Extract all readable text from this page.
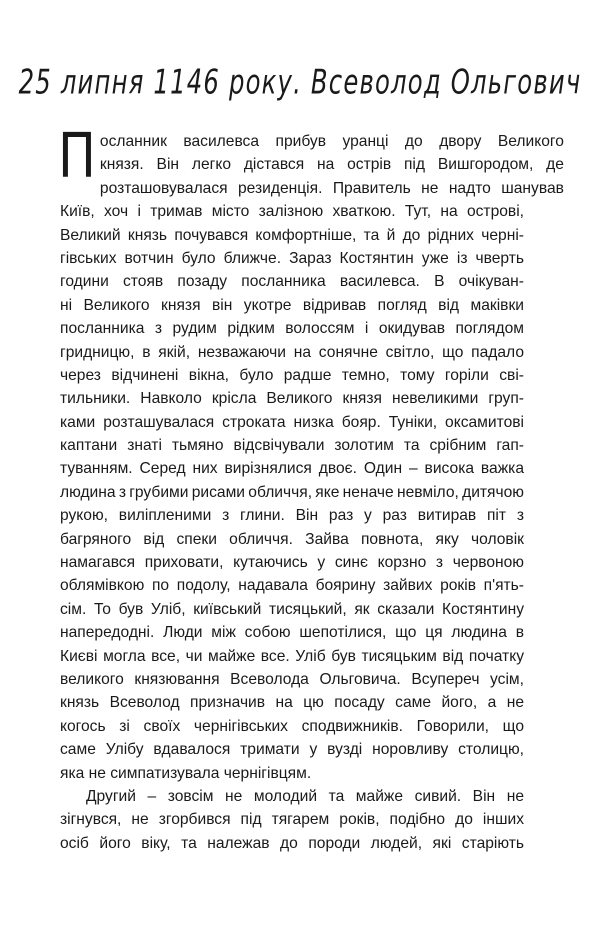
25 липня 1146 року. Всеволод Ольгович
П осланник василевса прибув уранці до двору Великого
князя. Він легко дістався на острів під Вишгородом, де
розташовувалася резиденція. Правитель не надто шанував
Київ, хоч і тримав місто залізною хваткою. Тут, на острові,
Великий князь почувався комфортніше, та й до рідних черні-
гівських вотчин було ближче. Зараз Костянтин уже із чверть
години стояв позаду посланника василевса. В очікуван-
ні Великого князя він укотре відривав погляд від маківки
посланника з рудим рідким волоссям і окидував поглядом
гридницю, в якій, незважаючи на сонячне світло, що падало
через відчинені вікна, було радше темно, тому горіли сві-
тильники. Навколо крісла Великого князя невеликими груп-
ками розташувалася строката низка бояр. Туніки, оксамитові
каптани знаті тьмяно відсвічували золотим та срібним гап-
туванням. Серед них вирізнялися двоє. Один – висока важка
людина з грубими рисами обличчя, яке неначе невміло, дитячою
рукою, виліпленими з глини. Він раз у раз витирав піт з
багряного від спеки обличчя. Зайва повнота, яку чоловік
намагався приховати, кутаючись у синє корзно з червоною
облямівкою по подолу, надавала боярину зайвих років п'ять-
сім. То був Уліб, київський тисяцький, як сказали Костянтину
напередодні. Люди між собою шепотілися, що ця людина в
Києві могла все, чи майже все. Уліб був тисяцьким від початку
великого князювання Всеволода Ольговича. Всупереч усім,
князь Всеволод призначив на цю посаду саме його, а не
когось зі своїх чернігівських сподвижників. Говорили, що
саме Улібу вдавалося тримати у вузді норовливу столицю,
яка не симпатизувала чернігівцям.
Другий – зовсім не молодий та майже сивий. Він не
зігнувся, не згорбився під тягарем років, подібно до інших
осіб його віку, та належав до породи людей, які старіють
